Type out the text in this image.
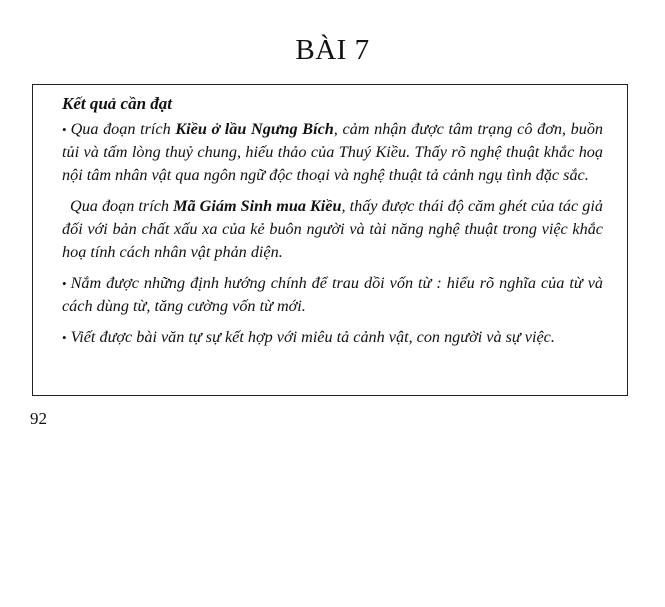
BÀI 7
Kết quả cần đạt

• Qua đoạn trích Kiều ở lầu Ngưng Bích, cảm nhận được tâm trạng cô đơn, buồn tủi và tấm lòng thuỷ chung, hiếu thảo của Thuý Kiều. Thấy rõ nghệ thuật khắc hoạ nội tâm nhân vật qua ngôn ngữ độc thoại và nghệ thuật tả cảnh ngụ tình đặc sắc.

Qua đoạn trích Mã Giám Sinh mua Kiều, thấy được thái độ căm ghét của tác giả đối với bản chất xấu xa của kẻ buôn người và tài năng nghệ thuật trong việc khắc hoạ tính cách nhân vật phản diện.

• Nắm được những định hướng chính để trau dồi vốn từ : hiểu rõ nghĩa của từ và cách dùng từ, tăng cường vốn từ mới.

• Viết được bài văn tự sự kết hợp với miêu tả cảnh vật, con người và sự việc.

92
